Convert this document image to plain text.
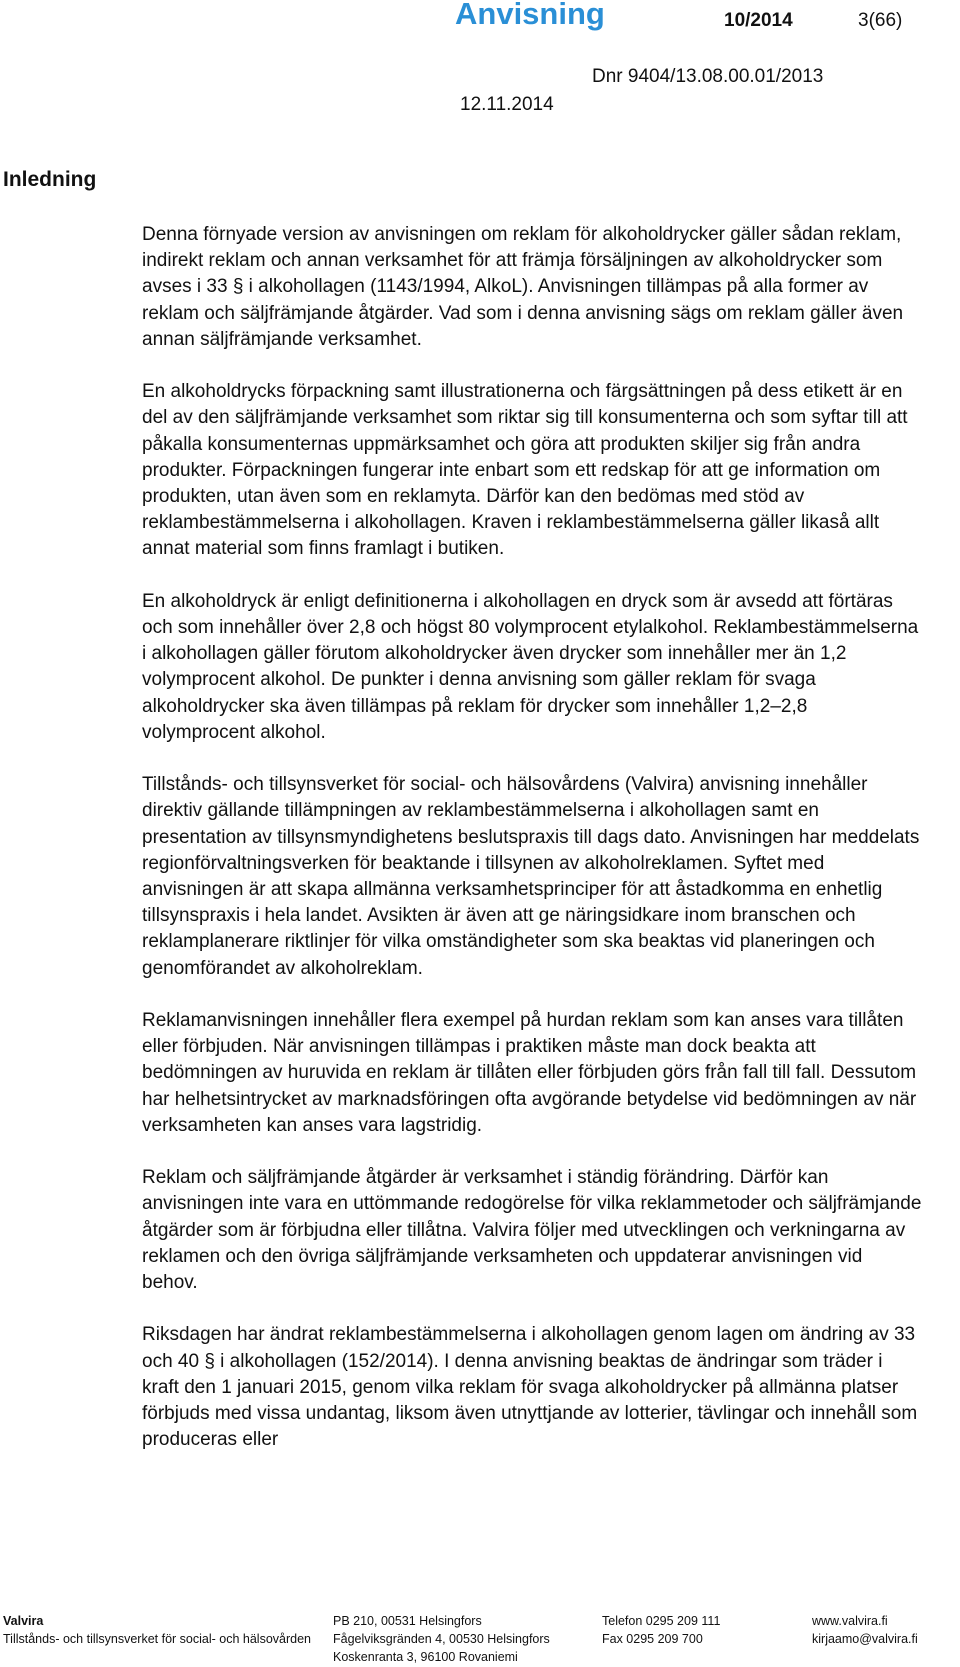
Anvisning	10/2014	3(66)
Dnr 9404/13.08.00.01/2013
12.11.2014
Inledning

Denna förnyade version av anvisningen om reklam för alkoholdrycker gäller sådan reklam, indirekt reklam och annan verksamhet för att främja försäljningen av alkoholdrycker som avses i 33 § i alkohollagen (1143/1994, AlkoL). Anvisningen tillämpas på alla former av reklam och säljfrämjande åtgärder. Vad som i denna anvisning sägs om reklam gäller även annan säljfrämjande verksamhet.

En alkoholdrycks förpackning samt illustrationerna och färgsättningen på dess etikett är en del av den säljfrämjande verksamhet som riktar sig till konsumenterna och som syftar till att påkalla konsumenternas uppmärksamhet och göra att produkten skiljer sig från andra produkter. Förpackningen fungerar inte enbart som ett redskap för att ge information om produkten, utan även som en reklamyta. Därför kan den bedömas med stöd av reklambestämmelserna i alkohollagen. Kraven i reklambestämmelserna gäller likaså allt annat material som finns framlagt i butiken.

En alkoholdryck är enligt definitionerna i alkohollagen en dryck som är avsedd att förtäras och som innehåller över 2,8 och högst 80 volymprocent etylalkohol. Reklambestämmelserna i alkohollagen gäller förutom alkoholdrycker även drycker som innehåller mer än 1,2 volymprocent alkohol. De punkter i denna anvisning som gäller reklam för svaga alkoholdrycker ska även tillämpas på reklam för drycker som innehåller 1,2–2,8 volymprocent alkohol.

Tillstånds- och tillsynsverket för social- och hälsovårdens (Valvira) anvisning innehåller direktiv gällande tillämpningen av reklambestämmelserna i alkohollagen samt en presentation av tillsynsmyndighetens beslutspraxis till dags dato. Anvisningen har meddelats regionförvaltningsverken för beaktande i tillsynen av alkoholreklamen. Syftet med anvisningen är att skapa allmänna verksamhetsprinciper för att åstadkomma en enhetlig tillsynspraxis i hela landet. Avsikten är även att ge näringsidkare inom branschen och reklamplanerare riktlinjer för vilka omständigheter som ska beaktas vid planeringen och genomförandet av alkoholreklam.

Reklamanvisningen innehåller flera exempel på hurdan reklam som kan anses vara tillåten eller förbjuden. När anvisningen tillämpas i praktiken måste man dock beakta att bedömningen av huruvida en reklam är tillåten eller förbjuden görs från fall till fall. Dessutom har helhetsintrycket av marknadsföringen ofta avgörande betydelse vid bedömningen av när verksamheten kan anses vara lagstridig.

Reklam och säljfrämjande åtgärder är verksamhet i ständig förändring. Därför kan anvisningen inte vara en uttömmande redogörelse för vilka reklammetoder och säljfrämjande åtgärder som är förbjudna eller tillåtna. Valvira följer med utvecklingen och verkningarna av reklamen och den övriga säljfrämjande verksamheten och uppdaterar anvisningen vid behov.

Riksdagen har ändrat reklambestämmelserna i alkohollagen genom lagen om ändring av 33 och 40 § i alkohollagen (152/2014). I denna anvisning beaktas de ändringar som träder i kraft den 1 januari 2015, genom vilka reklam för svaga alkoholdrycker på allmänna platser förbjuds med vissa undantag, liksom även utnyttjande av lotterier, tävlingar och innehåll som produceras eller

Valvira
Tillstånds- och tillsynsverket för social- och hälsovården
PB 210, 00531 Helsingfors
Fågelviksgränden 4, 00530 Helsingfors
Koskenranta 3, 96100 Rovaniemi
Telefon 0295 209 111
Fax 0295 209 700
www.valvira.fi
kirjaamo@valvira.fi
